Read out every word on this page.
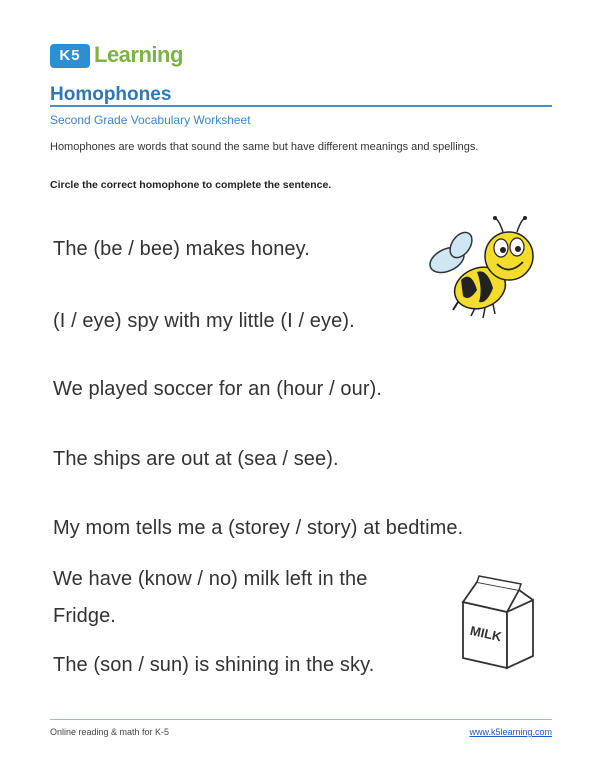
K5 Learning
Homophones
Second Grade Vocabulary Worksheet
Homophones are words that sound the same but have different meanings and spellings.
Circle the correct homophone to complete the sentence.
The (be / bee) makes honey.
(I / eye) spy with my little (I / eye).
We played soccer for an (hour / our).
The ships are out at (sea / see).
My mom tells me a (storey / story) at bedtime.
We have (know / no) milk left in the
Fridge.
The (son / sun) is shining in the sky.
MILK
Online reading & math for K-5	www.k5learning.com
